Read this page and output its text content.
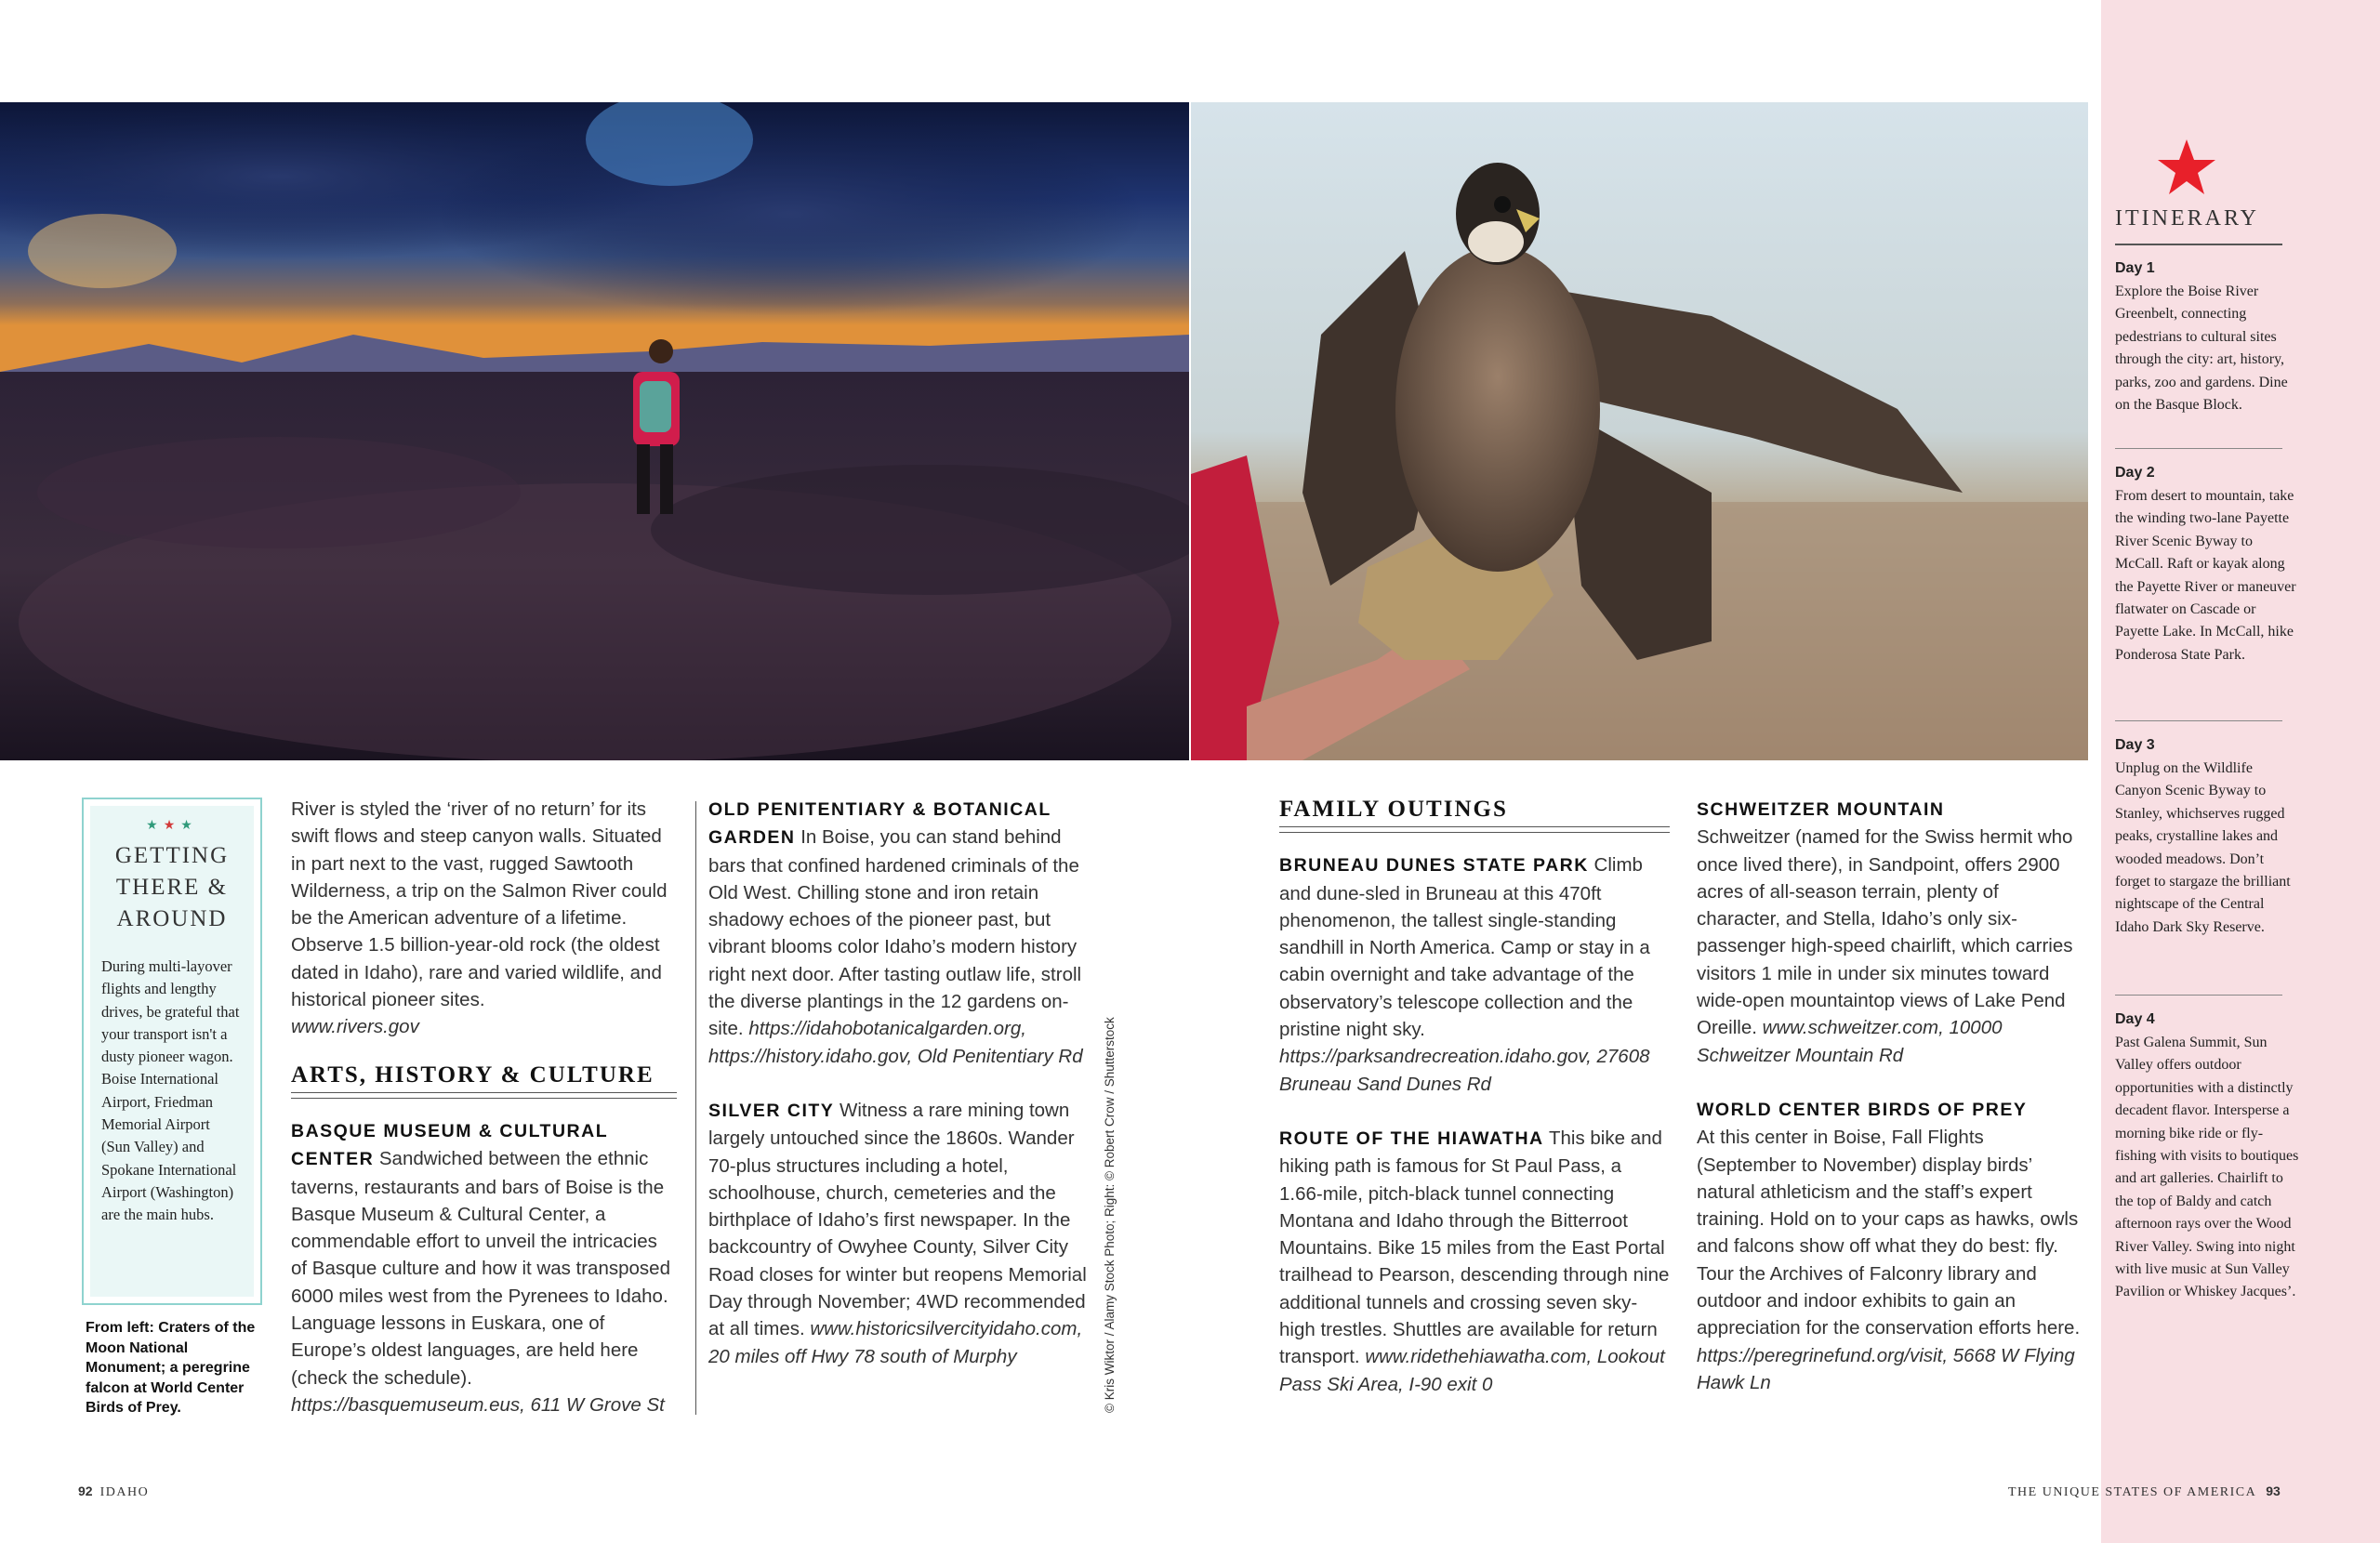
★★★
GETTING
THERE &
AROUND
During multi-layover flights and lengthy drives, be grateful that your transport isn't a dusty pioneer wagon. Boise International Airport, Friedman Memorial Airport (Sun Valley) and Spokane International Airport (Washington) are the main hubs.
From left: Craters of the Moon National Monument; a peregrine falcon at World Center Birds of Prey.

River is styled the ‘river of no return’ for its swift flows and steep canyon walls. Situated in part next to the vast, rugged Sawtooth Wilderness, a trip on the Salmon River could be the American adventure of a lifetime. Observe 1.5 billion-year-old rock (the oldest dated in Idaho), rare and varied wildlife, and historical pioneer sites.
www.rivers.gov

ARTS, HISTORY & CULTURE

BASQUE MUSEUM & CULTURAL CENTER Sandwiched between the ethnic taverns, restaurants and bars of Boise is the Basque Museum & Cultural Center, a commendable effort to unveil the intricacies of Basque culture and how it was transposed 6000 miles west from the Pyrenees to Idaho. Language lessons in Euskara, one of Europe’s oldest languages, are held here (check the schedule). https://basquemuseum.eus, 611 W Grove St

OLD PENITENTIARY & BOTANICAL GARDEN In Boise, you can stand behind bars that confined hardened criminals of the Old West. Chilling stone and iron retain shadowy echoes of the pioneer past, but vibrant blooms color Idaho’s modern history right next door. After tasting outlaw life, stroll the diverse plantings in the 12 gardens on-site. https://idahobotanicalgarden.org, https://history.idaho.gov, Old Penitentiary Rd

SILVER CITY Witness a rare mining town largely untouched since the 1860s. Wander 70-plus structures including a hotel, schoolhouse, church, cemeteries and the birthplace of Idaho’s first newspaper. In the backcountry of Owyhee County, Silver City Road closes for winter but reopens Memorial Day through November; 4WD recommended at all times. www.historicsilvercityidaho.com, 20 miles off Hwy 78 south of Murphy	© Kris Wiktor / Alamy Stock Photo; Right: © Robert Crow / Shutterstock
FAMILY OUTINGS

BRUNEAU DUNES STATE PARK Climb and dune-sled in Bruneau at this 470ft phenomenon, the tallest single-standing sandhill in North America. Camp or stay in a cabin overnight and take advantage of the observatory’s telescope collection and the pristine night sky. https://parksandrecreation.idaho.gov, 27608 Bruneau Sand Dunes Rd

ROUTE OF THE HIAWATHA This bike and hiking path is famous for St Paul Pass, a 1.66-mile, pitch-black tunnel connecting Montana and Idaho through the Bitterroot Mountains. Bike 15 miles from the East Portal trailhead to Pearson, descending through nine additional tunnels and crossing seven sky-high trestles. Shuttles are available for return transport. www.ridethehiawatha.com, Lookout Pass Ski Area, I-90 exit 0

SCHWEITZER MOUNTAIN
Schweitzer (named for the Swiss hermit who once lived there), in Sandpoint, offers 2900 acres of all-season terrain, plenty of character, and Stella, Idaho’s only six-passenger high-speed chairlift, which carries visitors 1 mile in under six minutes toward wide-open mountaintop views of Lake Pend Oreille. www.schweitzer.com, 10000 Schweitzer Mountain Rd

WORLD CENTER BIRDS OF PREY
At this center in Boise, Fall Flights (September to November) display birds’ natural athleticism and the staff’s expert training. Hold on to your caps as hawks, owls and falcons show off what they do best: fly. Tour the Archives of Falconry library and outdoor and indoor exhibits to gain an appreciation for the conservation efforts here. https://peregrinefund.org/visit, 5668 W Flying Hawk Ln

ITINERARY
Day 1
Explore the Boise River Greenbelt, connecting pedestrians to cultural sites through the city: art, history, parks, zoo and gardens. Dine on the Basque Block.
Day 2
From desert to mountain, take the winding two-lane Payette River Scenic Byway to McCall. Raft or kayak along the Payette River or maneuver flatwater on Cascade or Payette Lake. In McCall, hike Ponderosa State Park.
Day 3
Unplug on the Wildlife Canyon Scenic Byway to Stanley, whichserves rugged peaks, crystalline lakes and wooded meadows. Don’t forget to stargaze the brilliant nightscape of the Central Idaho Dark Sky Reserve.
Day 4
Past Galena Summit, Sun Valley offers outdoor opportunities with a distinctly decadent flavor. Intersperse a morning bike ride or fly-fishing with visits to boutiques and art galleries. Chairlift to the top of Baldy and catch afternoon rays over the Wood River Valley. Swing into night with live music at Sun Valley Pavilion or Whiskey Jacques’.
92 IDAHO	THE UNIQUE STATES OF AMERICA 93
